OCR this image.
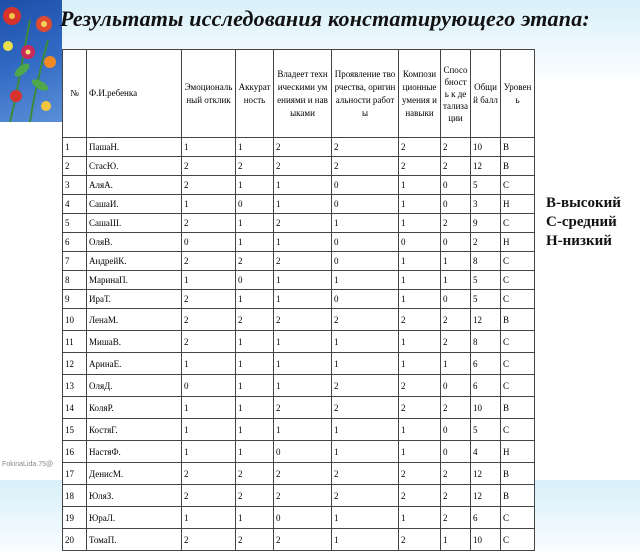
Результаты исследования констатирующего этапа:
№	Ф.И.ребенка	Эмоциональный отклик	Аккуратность	Владеет техническими умениями и навыками	Проявление творчества, оригинальности работы	Композиционные умения и навыки	Способность к детализации	Общий балл	Уровень
1	ПашаН.	1	1	2	2	2	2	10	В
2	СтасЮ.	2	2	2	2	2	2	12	В
3	АляА.	2	1	1	0	1	0	5	С
4	СашаИ.	1	0	1	0	1	0	3	Н
5	СашаШ.	2	1	2	1	1	2	9	С
6	ОляВ.	0	1	1	0	0	0	2	Н
7	АндрейК.	2	2	2	0	1	1	8	С
8	МаринаП.	1	0	1	1	1	1	5	С
9	ИраТ.	2	1	1	0	1	0	5	С
10	ЛенаМ.	2	2	2	2	2	2	12	В
11	МишаВ.	2	1	1	1	1	2	8	С
12	АринаЕ.	1	1	1	1	1	1	6	С
13	ОляД.	0	1	1	2	2	0	6	С
14	КоляР.	1	1	2	2	2	2	10	В
15	КостяГ.	1	1	1	1	1	0	5	С
16	НастяФ.	1	1	0	1	1	0	4	Н
17	ДенисМ.	2	2	2	2	2	2	12	В
18	ЮляЗ.	2	2	2	2	2	2	12	В
19	ЮраЛ.	1	1	0	1	1	2	6	С
20	ТомаП.	2	2	2	1	2	1	10	С
В-высокий
С-средний
Н-низкий
FokinaLida.75@
